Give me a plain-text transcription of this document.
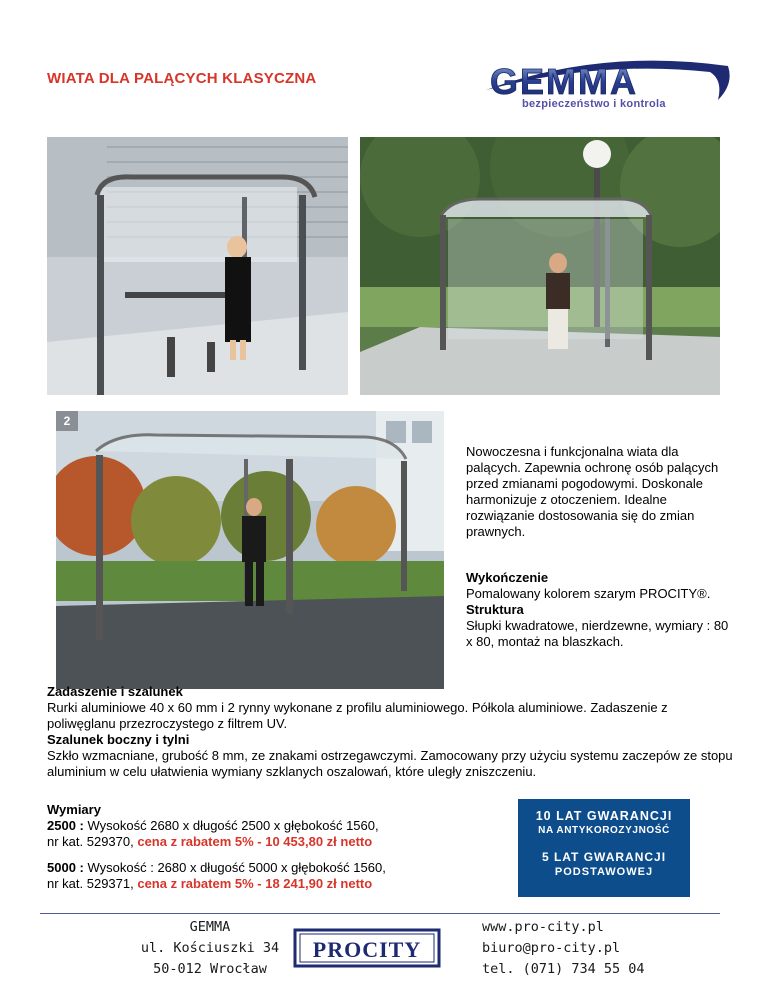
WIATA DLA PALĄCYCH KLASYCZNA	GEMMA
bezpieczeństwo i kontrola
2
Nowoczesna i funkcjonalna wiata dla palących. Zapewnia ochronę osób palących przed zmianami pogodowymi. Doskonale harmonizuje z otoczeniem. Idealne rozwiązanie dostosowania się do zmian prawnych.
Wykończenie
Pomalowany kolorem szarym PROCITY®.
Struktura
Słupki kwadratowe, nierdzewne, wymiary : 80 x 80, montaż na blaszkach.
Zadaszenie i szalunek
Rurki aluminiowe 40 x 60 mm i 2 rynny wykonane z profilu aluminiowego. Półkola aluminiowe. Zadaszenie z poliwęglanu przezroczystego z filtrem UV.
Szalunek boczny i tylni
Szkło wzmacniane, grubość 8 mm, ze znakami ostrzegawczymi. Zamocowany przy użyciu systemu zaczepów ze stopu aluminium w celu ułatwienia wymiany szklanych oszalowań, które uległy zniszczeniu.
Wymiary
2500 : Wysokość 2680 x długość 2500 x głębokość 1560,
nr kat. 529370, cena z rabatem 5% - 10 453,80 zł netto
5000 : Wysokość : 2680 x długość 5000 x głębokość 1560,
nr kat. 529371, cena z rabatem 5% - 18 241,90 zł netto
10 LAT GWARANCJI
NA ANTYKOROZYJNOŚĆ
5 LAT GWARANCJI
PODSTAWOWEJ
GEMMA
ul. Kościuszki 34
50-012 Wrocław
PROCITY
www.pro-city.pl
biuro@pro-city.pl
tel. (071) 734 55 04
